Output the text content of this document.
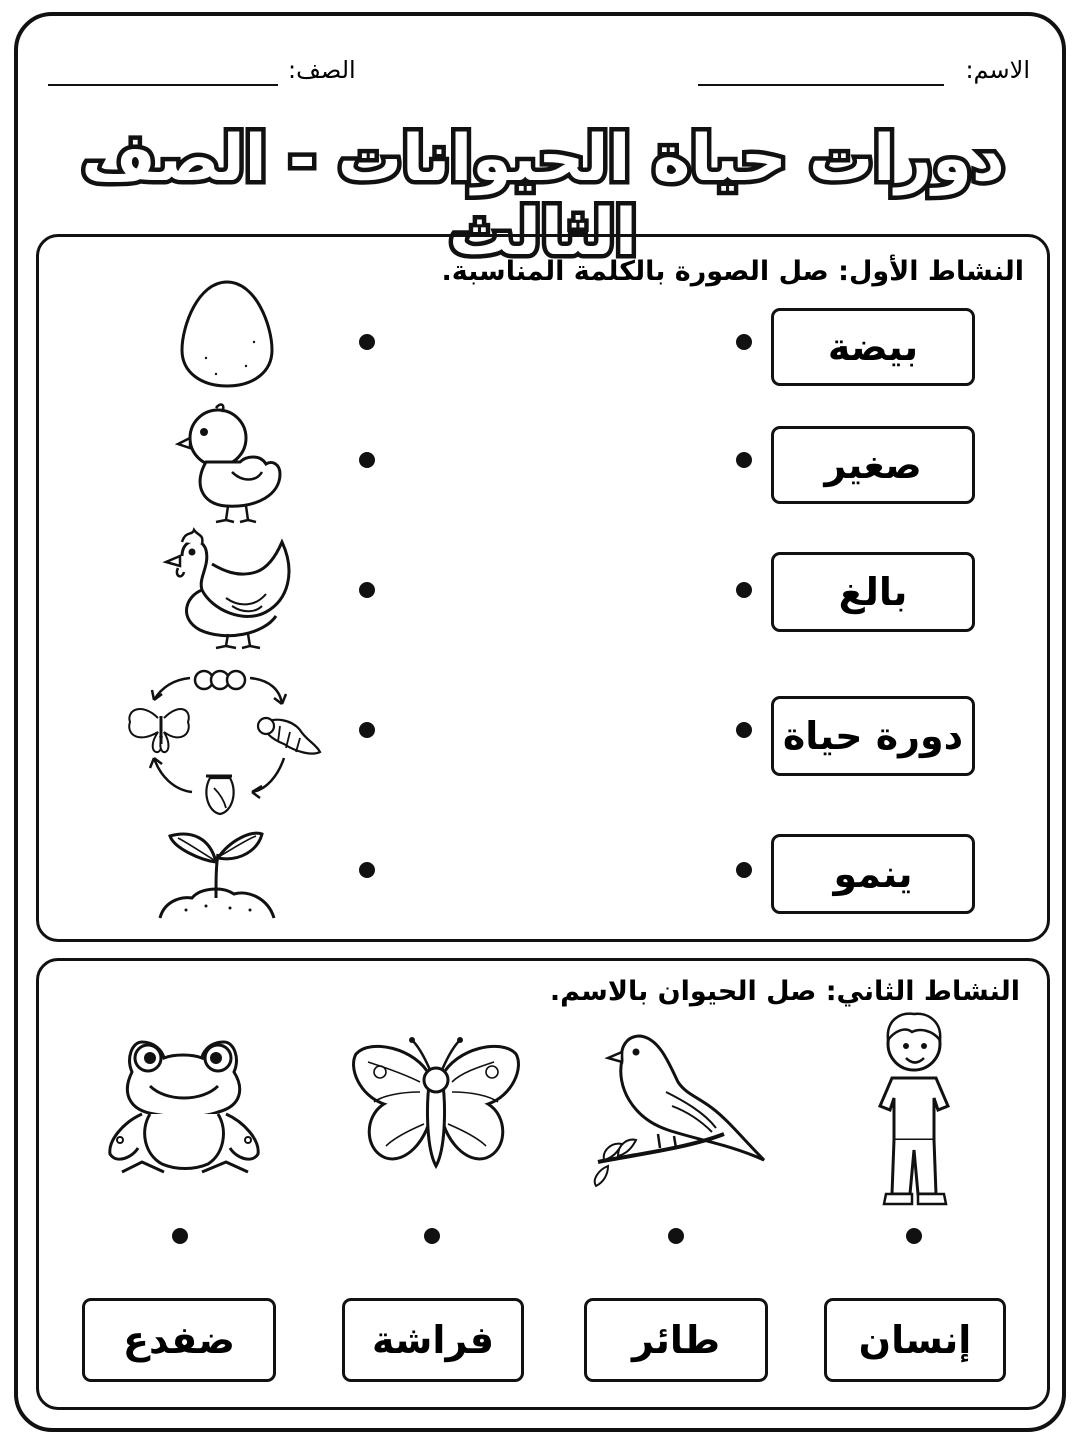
الاسم:
الصف:
دورات حياة الحيوانات - الصف الثالث
النشاط الأول: صل الصورة بالكلمة المناسبة.
بيضة
صغير
بالغ
دورة حياة
ينمو
النشاط الثاني: صل الحيوان بالاسم.
ضفدع	فراشة	طائر	إنسان
